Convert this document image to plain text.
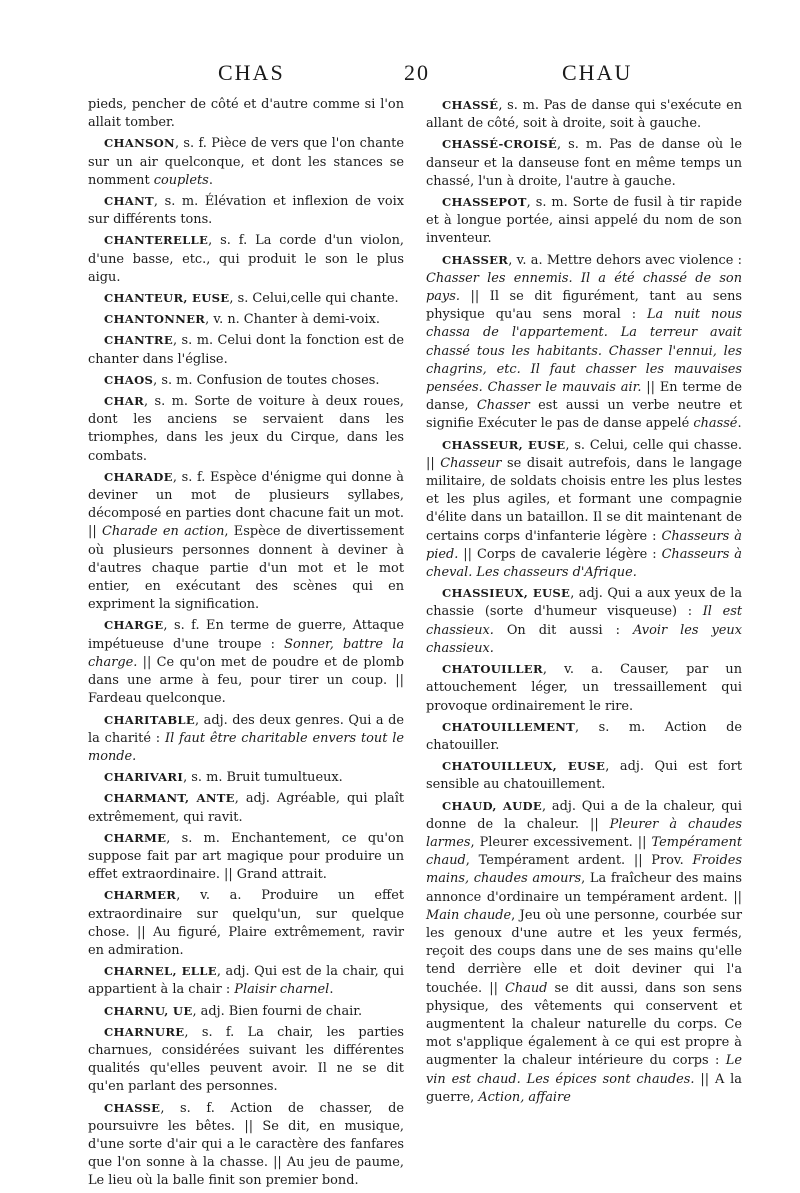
CHAS	20	CHAU

pieds, pencher de côté et d'autre comme si l'on allait tomber.

CHANSON, s. f. Pièce de vers que l'on chante sur un air quelconque, et dont les stances se nomment couplets.

CHANT, s. m. Élévation et inflexion de voix sur différents tons.

CHANTERELLE, s. f. La corde d'un violon, d'une basse, etc., qui produit le son le plus aigu.

CHANTEUR, EUSE, s. Celui,celle qui chante.

CHANTONNER, v. n. Chanter à demi-voix.

CHANTRE, s. m. Celui dont la fonction est de chanter dans l'église.

CHAOS, s. m. Confusion de toutes choses.

CHAR, s. m. Sorte de voiture à deux roues, dont les anciens se servaient dans les triomphes, dans les jeux du Cirque, dans les combats.

CHARADE, s. f. Espèce d'énigme qui donne à deviner un mot de plusieurs syllabes, décomposé en parties dont chacune fait un mot. || Charade en action, Espèce de divertissement où plusieurs personnes donnent à deviner à d'autres chaque partie d'un mot et le mot entier, en exécutant des scènes qui en expriment la signification.

CHARGE, s. f. En terme de guerre, Attaque impétueuse d'une troupe : Sonner, battre la charge. || Ce qu'on met de poudre et de plomb dans une arme à feu, pour tirer un coup. || Fardeau quelconque.

CHARITABLE, adj. des deux genres. Qui a de la charité : Il faut être charitable envers tout le monde.

CHARIVARI, s. m. Bruit tumultueux.

CHARMANT, ANTE, adj. Agréable, qui plaît extrêmement, qui ravit.

CHARME, s. m. Enchantement, ce qu'on suppose fait par art magique pour produire un effet extraordinaire. || Grand attrait.

CHARMER, v. a. Produire un effet extraordinaire sur quelqu'un, sur quelque chose. || Au figuré, Plaire extrêmement, ravir en admiration.

CHARNEL, ELLE, adj. Qui est de la chair, qui appartient à la chair : Plaisir charnel.

CHARNU, UE, adj. Bien fourni de chair.

CHARNURE, s. f. La chair, les parties charnues, considérées suivant les différentes qualités qu'elles peuvent avoir. Il ne se dit qu'en parlant des personnes.

CHASSE, s. f. Action de chasser, de poursuivre les bêtes. || Se dit, en musique, d'une sorte d'air qui a le caractère des fanfares que l'on sonne à la chasse. || Au jeu de paume, Le lieu où la balle finit son premier bond.

CHASSÉ, s. m. Pas de danse qui s'exécute en allant de côté, soit à droite, soit à gauche.

CHASSÉ-CROISÉ, s. m. Pas de danse où le danseur et la danseuse font en même temps un chassé, l'un à droite, l'autre à gauche.

CHASSEPOT, s. m. Sorte de fusil à tir rapide et à longue portée, ainsi appelé du nom de son inventeur.

CHASSER, v. a. Mettre dehors avec violence : Chasser les ennemis. Il a été chassé de son pays. || Il se dit figurément, tant au sens physique qu'au sens moral : La nuit nous chassa de l'appartement. La terreur avait chassé tous les habitants. Chasser l'ennui, les chagrins, etc. Il faut chasser les mauvaises pensées. Chasser le mauvais air. || En terme de danse, Chasser est aussi un verbe neutre et signifie Exécuter le pas de danse appelé chassé.

CHASSEUR, EUSE, s. Celui, celle qui chasse. || Chasseur se disait autrefois, dans le langage militaire, de soldats choisis entre les plus lestes et les plus agiles, et formant une compagnie d'élite dans un bataillon. Il se dit maintenant de certains corps d'infanterie légère : Chasseurs à pied. || Corps de cavalerie légère : Chasseurs à cheval. Les chasseurs d'Afrique.

CHASSIEUX, EUSE, adj. Qui a aux yeux de la chassie (sorte d'humeur visqueuse) : Il est chassieux. On dit aussi : Avoir les yeux chassieux.

CHATOUILLER, v. a. Causer, par un attouchement léger, un tressaillement qui provoque ordinairement le rire.

CHATOUILLEMENT, s. m. Action de chatouiller.

CHATOUILLEUX, EUSE, adj. Qui est fort sensible au chatouillement.

CHAUD, AUDE, adj. Qui a de la chaleur, qui donne de la chaleur. || Pleurer à chaudes larmes, Pleurer excessivement. || Tempérament chaud, Tempérament ardent. || Prov. Froides mains, chaudes amours, La fraîcheur des mains annonce d'ordinaire un tempérament ardent. || Main chaude, Jeu où une personne, courbée sur les genoux d'une autre et les yeux fermés, reçoit des coups dans une de ses mains qu'elle tend derrière elle et doit deviner qui l'a touchée. || Chaud se dit aussi, dans son sens physique, des vêtements qui conservent et augmentent la chaleur naturelle du corps. Ce mot s'applique également à ce qui est propre à augmenter la chaleur intérieure du corps : Le vin est chaud. Les épices sont chaudes. || A la guerre, Action, affaire
